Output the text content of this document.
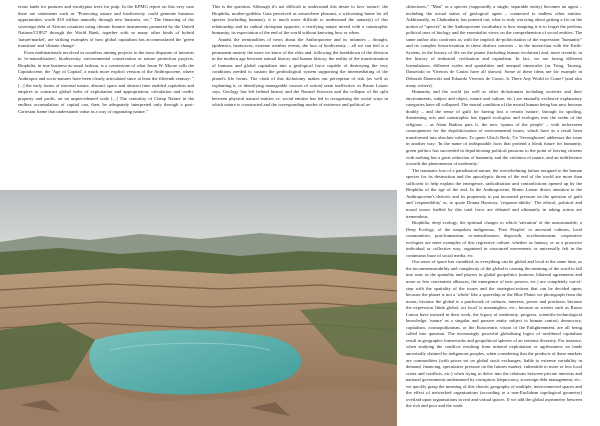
erous lands for pastures and eucalyptus trees for pulp. In the KPMG report on this very case there are statements such as "Protecting nature and biodiversity could generate business opportunities worth $10 trillion annually through new business, etc." The financing of the sovereign debt of African countries using climate finance instruments promoted by the United Nations/COP27 through the World Bank, together with so many other kinds of hybrid 'nature/market', are striking examples of how global capitalism has accommodated the 'green transition' and 'climate change'.

From multinationals involved in countless mining projects to the most disparate of interests in 're-naturalisation', biodiversity, environmental conservation or nature protection projects. Biophilia, in true business-as-usual fashion, is a cornerstone of what Jason W. Moore calls the Capitalocene, the 'Age of Capital', a much more explicit version of the Anthropocene, where Anthropos and socio-natures have been clearly articulated since at least the fifteenth century: "[...] the early forms of external nature, abstract space and abstract time enabled capitalists and empires to construct global webs of exploitation and appropriation, calculation and credit, property and profit, on an unprecedented scale [...] The centrality of Cheap Nature in the endless accumulation of capital can, then, be adequately interpreted only through a post-Cartesian frame that understands value as a way of organizing nature."

This is the question. Although it's not difficult to understand this desire to love 'nature', the Biophilia, mother-goddess Gaia perceived as somewhere pleasant, a welcoming home for all species (including humans), it is much more difficult to understand the nature(s) of this relationship and its radical dystopian opposite, a terrifying nature mixed with a catastrophic humanity, its expectation of the end of the world without knowing how or when.

Amidst the terminalities of news about the Anthropocene and its infamies – drought, epidemics, heatwaves, extreme weather events, the loss of biodiversity – all we can feel is a permanent anxiety the more we know of the risks and, following the breakdown of the division in the modern age between natural history and human history, the reality of the transformation of humans and global capitalism into a geological force capable of destroying the very conditions needed to sustain the geobiological system supporting the intermediating of the planet's life forms. The clash of this dichotomy makes our perception of risk (as well as explaining it, or identifying manageable courses of action) seem ineffective, as Bruno Latour says. Geology has left behind history and the Natural Sciences and the collapse of the split between physical natural entities vs. social entities has led to recognising the social ways in which nature is constructed and the corresponding modes of existence and political ar-

chitectures." "Man" as a species (supposedly a single, separable entity) becomes an agent – including the actual status of geological agent – connected to endless other entities. Additionally, as Chakrabarty has pointed out, what is truly worrying about getting a fix on the notion of "species" in the Anthropocene vocabulary is how tempting it is to forget the perilous political uses of biology and the essentialist views on the comprehension of social entities. The same author also confronts us with the implicit de-politicisation of the expression "humanity" and its complex historicisation in these distinct contexts – in the interaction with the Earth-System, in the history of life on the planet (including human evolution) and, more recently, in the history of industrial civilisation and capitalism. In fact, we are facing different formulations, different scales and spatialities and unequal timescales (as Tsing, Taussig, Danowski or Viveiros de Castro have all shown). Some of these ideas are for example in Deborah Danowski and Eduardo Viveiros de Castro, Is There Any World to Come? (and also many writers).

Humanity and the world (as well as other dichotomies including societies and their environments, subject and object, nature and culture, etc.) are mutually exclusive explanatory categories have all collapsed. The mortal condition of the mortal human being has now become doubly – and the sense of guilt for having lost a certain 'nature', through its spoiling, threatening acts and catastrophic has tipped ecologists and ecologies into the realm of the religious – as Alain Badiou puts it, the new 'opium of the people' – with unforeseen consequences for the depoliticisation of environmental issues, which have as a result been transformed into absolute values. To quote Ulrich Beck, 'Ce 'Sevengbosen' addresses the issue in another way: 'In the name of indisputable facts that portend a bleak future for humanity, green politics has succeeded in depoliticising political passions to the point of leaving citizens with nothing but a great reduction of humanity and the violation of nature, and an indifference towards the phenomenon of modernity.'

The traumatic loss of a paradisiacal nature, the overwhelming failure assigned to the human species for its destruction and the apocalyptic threat of the end of the world are more than sufficient to help explain the emergence, radicalisation and contradictions opened up by the Biophilia of the age of the end. In the Anthropocene, Bruno Latour draws attention to the Anthropocene's rhetoric and its propensity to put increased pressure on the question of guilt and 'responsibility' or, to quote Donna Haraway, 'response-ability'. The ethical, political and moral issues fuelled by this total force are debated and ultimately in taking action are tremendous.

Biophilia, deep ecology, the spiritual charges to which 'salvation' of the unsustainable, a Deep Ecology, of the unspoken indigenous, 'First Peoples' or ancestral cultures, local communities, post-humanism, re-naturalisation, degrowth, accelerationism, cooperative ecologies are mere examples of this regressive culture, whether as fantasy, or as a proactive individual or collective way, organized in structured movements or universally felt in the continuous buzz of social media, etc.

Our sense of space has crumbled, as everything can be global and local at the same time, as the incommensurability and complexity of the global is causing the meaning of the word to fall into ruin; as the spatiality and players in global geopolitics (nations, bilateral agreements and more or less convenient alliances, the emergence of new powers, etc.) are completely out-of-step with the spatiality of the issues and the strategies/actions that can be decided upon; because the planet is not a 'whole' like a spaceship or the Blue Planet we photograph from the moon; because the global is a patchwork of cultures, interests, power and positions; because the expression 'think global, act local' is meaningless, etc.; because as writers such as Bruno Latour have insisted in their work, the legacy of modernity, progress, scientific-technological knowledge, 'nature' as a singular and passive entity subject to human control, democracy, capitalism, cosmopolitanism, or the Eurocentric vision of the Enlightenment, are all being called into question. The increasingly powerful globalising logics of neoliberal capitalism result in geographic frameworks and geopolitical spheres of an extreme diversity. For instance, when studying the conflicts resulting from mineral exploitation or agribusiness on lands ancestrally claimed by indigenous peoples, when considering that the products of these markets are commodities (with prices set on global stock exchanges, liable to extreme variability in demand, financing, speculative pressure on the futures market, vulnerable to more or less local crises and conflicts, etc.) when trying to delve into the relations between private interests and national governments undermined by corruption, kleptocracy, sovereign debt management, etc., we quickly grasp the meaning of this chaotic geography of multiple, interconnected spaces and the effect of networked organisations (according to a non-Euclidean topological geometry) overlaid upon organisations in real and virtual spaces. If we add the global asymmetry between the rich and poor and the weak
